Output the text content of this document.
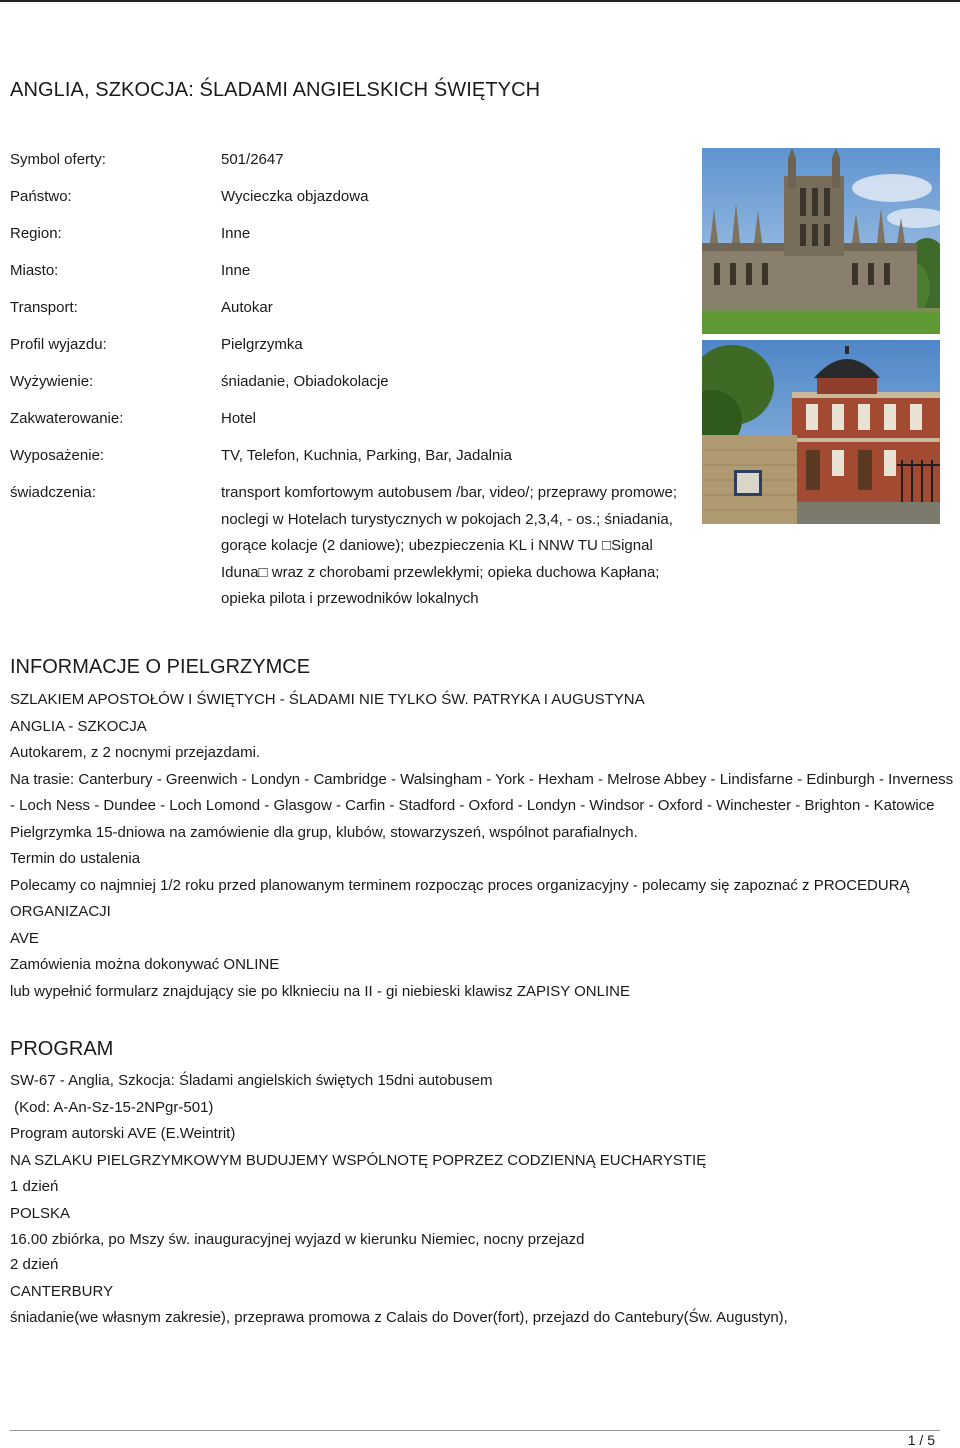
ANGLIA, SZKOCJA: ŚLADAMI ANGIELSKICH ŚWIĘTYCH
Symbol oferty:	501/2647
Państwo:	Wycieczka objazdowa
Region:	Inne
Miasto:	Inne
Transport:	Autokar
Profil wyjazdu:	Pielgrzymka
Wyżywienie:	śniadanie, Obiadokolacje
Zakwaterowanie:	Hotel
Wyposażenie:	TV, Telefon, Kuchnia, Parking, Bar, Jadalnia
świadczenia:	transport komfortowym autobusem /bar, video/; przeprawy promowe; noclegi w Hotelach turystycznych w pokojach 2,3,4, - os.; śniadania, gorące kolacje (2 daniowe); ubezpieczenia KL i NNW TU □Signal Iduna□ wraz z chorobami przewlekłymi; opieka duchowa Kapłana; opieka pilota i przewodników lokalnych
INFORMACJE O PIELGRZYMCE

SZLAKIEM APOSTOŁÓW I ŚWIĘTYCH - ŚLADAMI NIE TYLKO ŚW. PATRYKA I AUGUSTYNA

ANGLIA - SZKOCJA

Autokarem, z 2 nocnymi przejazdami.

Na trasie: Canterbury - Greenwich - Londyn - Cambridge - Walsingham - York - Hexham - Melrose Abbey - Lindisfarne - Edinburgh - Inverness - Loch Ness - Dundee - Loch Lomond - Glasgow - Carfin - Stadford - Oxford - Londyn - Windsor - Oxford - Winchester - Brighton - Katowice

Pielgrzymka 15-dniowa na zamówienie dla grup, klubów, stowarzyszeń, wspólnot parafialnych.

Termin do ustalenia

Polecamy co najmniej 1/2 roku przed planowanym terminem rozpocząc proces organizacyjny - polecamy się zapoznać z PROCEDURĄ ORGANIZACJI

AVE

Zamówienia można dokonywać ONLINE

lub wypełnić formularz znajdujący sie po klknieciu na II - gi niebieski klawisz ZAPISY ONLINE

PROGRAM

SW-67 - Anglia, Szkocja: Śladami angielskich świętych 15dni autobusem

(Kod: A-An-Sz-15-2NPgr-501)

Program autorski AVE (E.Weintrit)

NA SZLAKU PIELGRZYMKOWYM BUDUJEMY WSPÓLNOTĘ POPRZEZ CODZIENNĄ EUCHARYSTIĘ

1 dzień

POLSKA

16.00 zbiórka, po Mszy św. inauguracyjnej wyjazd w kierunku Niemiec, nocny przejazd

2 dzień

CANTERBURY

śniadanie(we własnym zakresie), przeprawa promowa z Calais do Dover(fort), przejazd do Cantebury(Św. Augustyn),

1 / 5
